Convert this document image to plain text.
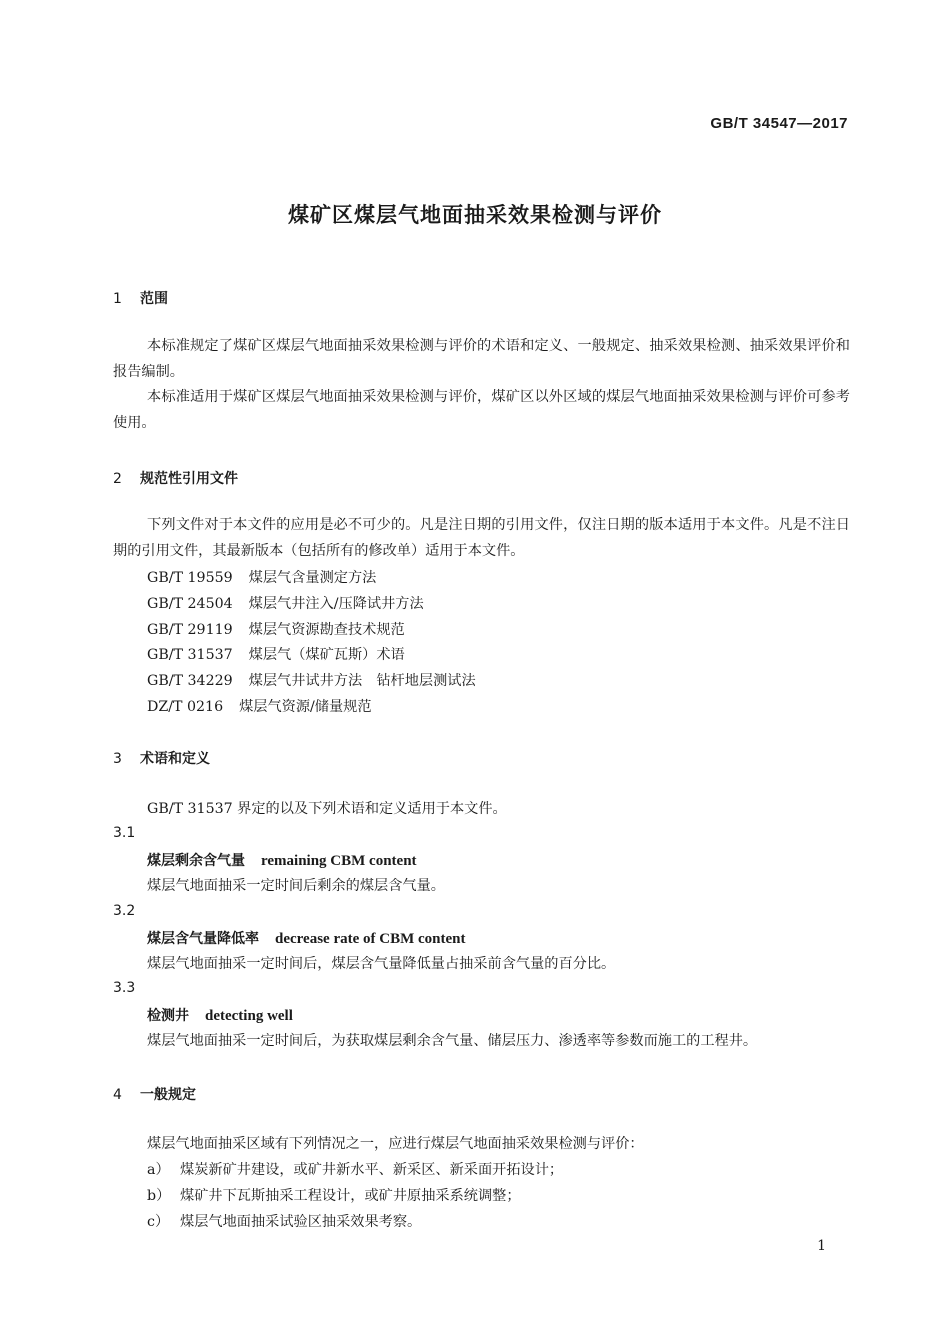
GB/T 34547—2017
煤矿区煤层气地面抽采效果检测与评价
1 范围

本标准规定了煤矿区煤层气地面抽采效果检测与评价的术语和定义、一般规定、抽采效果检测、抽采效果评价和报告编制。

本标准适用于煤矿区煤层气地面抽采效果检测与评价，煤矿区以外区域的煤层气地面抽采效果检测与评价可参考使用。

2 规范性引用文件

下列文件对于本文件的应用是必不可少的。凡是注日期的引用文件，仅注日期的版本适用于本文件。凡是不注日期的引用文件，其最新版本（包括所有的修改单）适用于本文件。

GB/T 19559 煤层气含量测定方法
GB/T 24504 煤层气井注入/压降试井方法
GB/T 29119 煤层气资源勘查技术规范
GB/T 31537 煤层气（煤矿瓦斯）术语
GB/T 34229 煤层气井试井方法　钻杆地层测试法
DZ/T 0216 煤层气资源/储量规范
3 术语和定义
GB/T 31537 界定的以及下列术语和定义适用于本文件。
3.1
煤层剩余含气量 remaining CBM content
煤层气地面抽采一定时间后剩余的煤层含气量。
3.2
煤层含气量降低率 decrease rate of CBM content
煤层气地面抽采一定时间后，煤层含气量降低量占抽采前含气量的百分比。
3.3
检测井 detecting well
煤层气地面抽采一定时间后，为获取煤层剩余含气量、储层压力、渗透率等参数而施工的工程井。
4 一般规定
煤层气地面抽采区域有下列情况之一，应进行煤层气地面抽采效果检测与评价：
a） 煤炭新矿井建设，或矿井新水平、新采区、新采面开拓设计；
b） 煤矿井下瓦斯抽采工程设计，或矿井原抽采系统调整；
c） 煤层气地面抽采试验区抽采效果考察。
1
